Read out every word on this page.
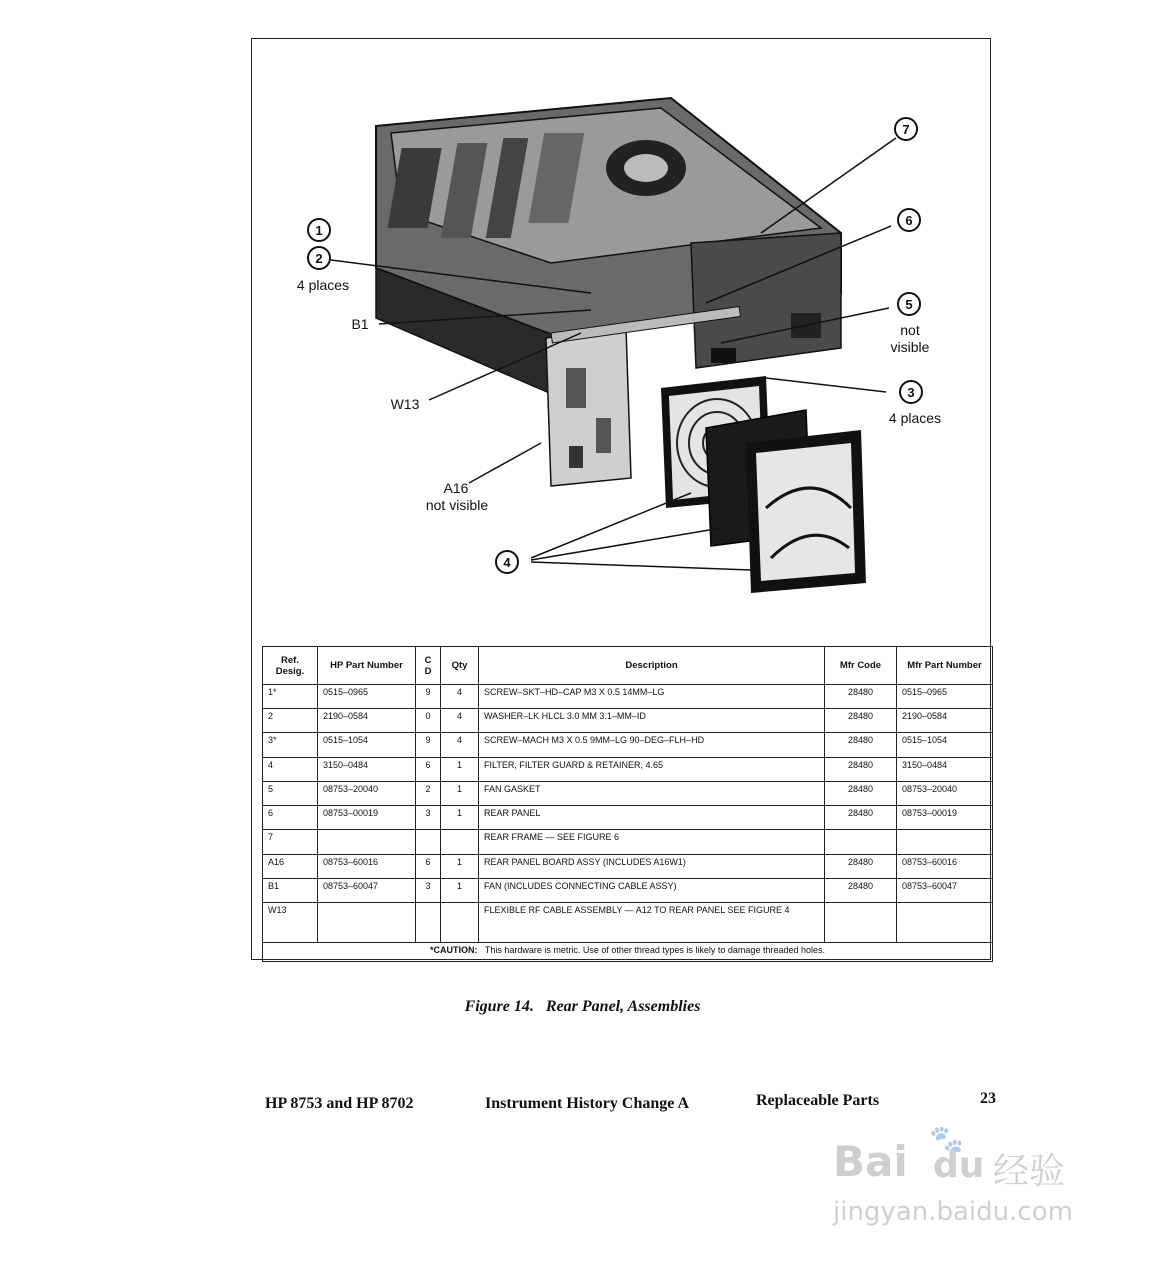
1
2
7
6
5
3
4
4 places
B1
W13
A16
not visible
not
visible
4 places
Ref. Desig.	HP Part Number	C D	Qty	Description	Mfr Code	Mfr Part Number
1*	0515–0965	9	4	SCREW–SKT–HD–CAP M3 X 0.5 14MM–LG	28480	0515–0965
2	2190–0584	0	4	WASHER–LK HLCL 3.0 MM 3.1–MM–ID	28480	2190–0584
3*	0515–1054	9	4	SCREW–MACH M3 X 0.5 9MM–LG 90–DEG–FLH–HD	28480	0515–1054
4	3150–0484	6	1	FILTER, FILTER GUARD & RETAINER, 4.65	28480	3150–0484
5	08753–20040	2	1	FAN GASKET	28480	08753–20040
6	08753–00019	3	1	REAR PANEL	28480	08753–00019
7				REAR FRAME — SEE FIGURE 6		
A16	08753–60016	6	1	REAR PANEL BOARD ASSY (INCLUDES A16W1)	28480	08753–60016
B1	08753–60047	3	1	FAN (INCLUDES CONNECTING CABLE ASSY)	28480	08753–60047
W13				FLEXIBLE RF CABLE ASSEMBLY — A12 TO REAR PANEL SEE FIGURE 4		
*CAUTION: This hardware is metric. Use of other thread types is likely to damage threaded holes.						
Figure 14.   Rear Panel, Assemblies
HP 8753 and HP 8702	Instrument History Change A	Replaceable Parts	23
Bai 🐾
du 经验
jingyan.baidu.com
